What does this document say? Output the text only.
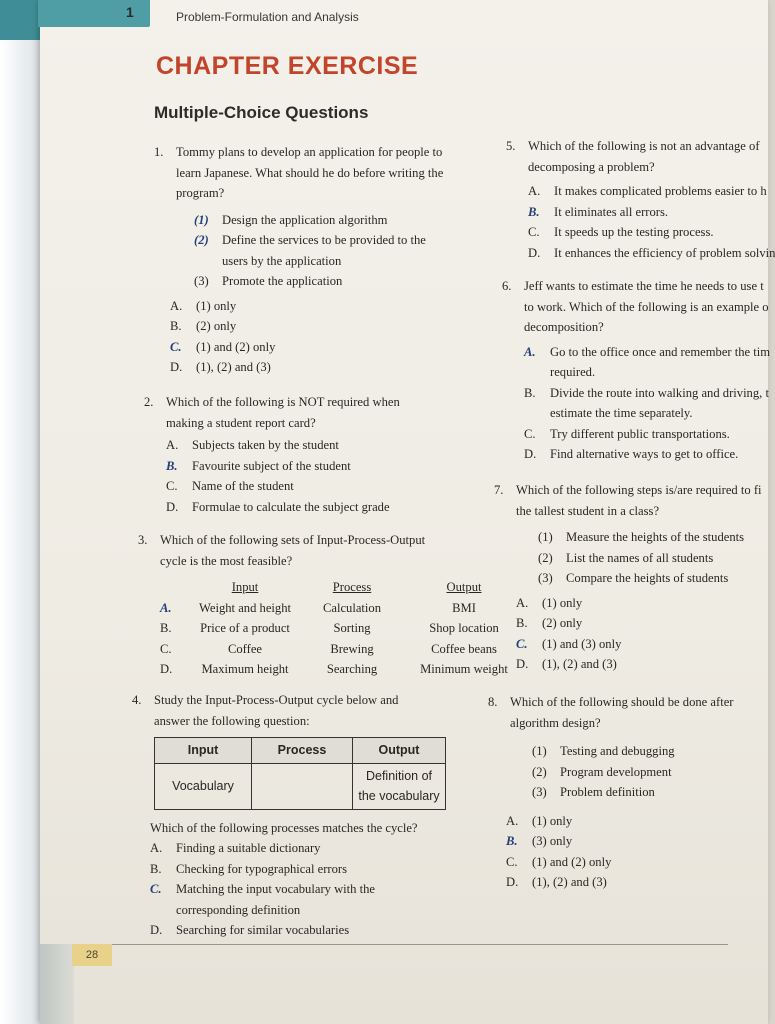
1	Problem-Formulation and Analysis
CHAPTER EXERCISE
Multiple-Choice Questions
1. Tommy plans to develop an application for people to
learn Japanese. What should he do before writing the
program?
(1) Design the application algorithm
(2) Define the services to be provided to the
users by the application
(3) Promote the application
A. (1) only
B. (2) only
C. (1) and (2) only
D. (1), (2) and (3)
2. Which of the following is NOT required when
making a student report card?
A. Subjects taken by the student
B. Favourite subject of the student
C. Name of the student
D. Formulae to calculate the subject grade
3. Which of the following sets of Input-Process-Output
cycle is the most feasible?
Input	Process	Output
A.	Weight and height	Calculation	BMI
B.	Price of a product	Sorting	Shop location
C.	Coffee	Brewing	Coffee beans
D.	Maximum height	Searching	Minimum weight
4. Study the Input-Process-Output cycle below and
answer the following question:
Input	Process	Output
Vocabulary		Definition of the vocabulary
Which of the following processes matches the cycle?
A. Finding a suitable dictionary
B. Checking for typographical errors
C. Matching the input vocabulary with the
corresponding definition
D. Searching for similar vocabularies
Which of the following is not an advantage of
decomposing a problem?
A. It makes complicated problems easier to h
B. It eliminates all errors.
C. It speeds up the testing process.
D. It enhances the efficiency of problem solvin
5.
Jeff wants to estimate the time he needs to use t
to work. Which of the following is an example o
decomposition?
A. Go to the office once and remember the tim
required.
B. Divide the route into walking and driving, t
estimate the time separately.
C. Try different public transportations.
D. Find alternative ways to get to office.
6.
Which of the following steps is/are required to fi
the tallest student in a class?
(1) Measure the heights of the students
(2) List the names of all students
(3) Compare the heights of students
A. (1) only
B. (2) only
C. (1) and (3) only
D. (1), (2) and (3)
7.
Which of the following should be done after
algorithm design?
(1) Testing and debugging
(2) Program development
(3) Problem definition
A. (1) only
B. (3) only
C. (1) and (2) only
D. (1), (2) and (3)
8.
28
